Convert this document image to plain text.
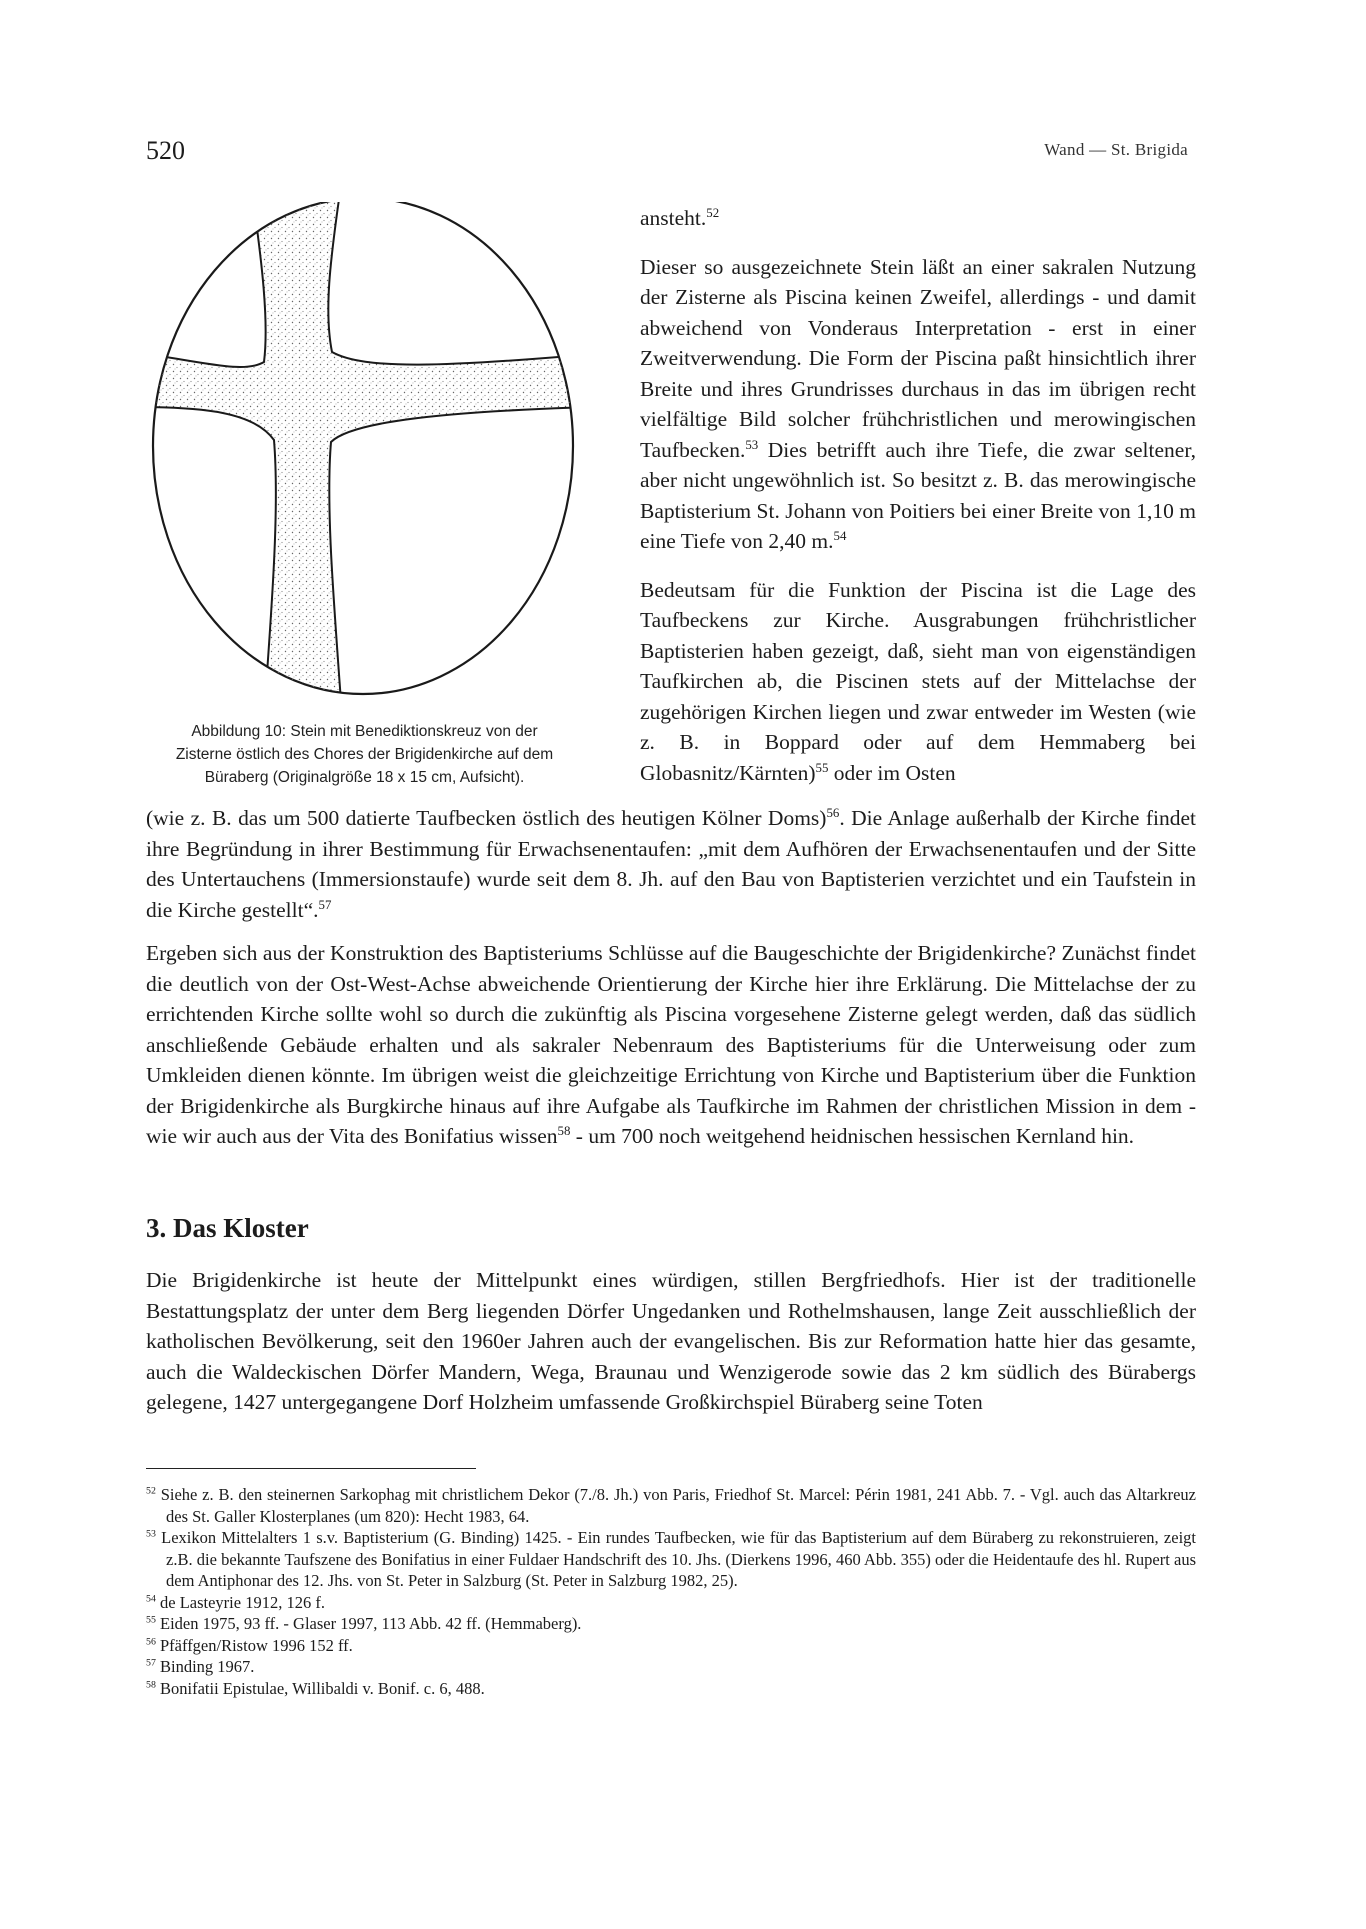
520	Wand — St. Brigida
Abbildung 10: Stein mit Benediktionskreuz von der
Zisterne östlich des Chores der Brigidenkirche auf dem
Büraberg (Originalgröße 18 x 15 cm, Aufsicht).

ansteht.$^{52}$

Dieser so ausgezeichnete Stein läßt an einer sakralen Nutzung der Zisterne als Piscina keinen Zweifel, allerdings - und damit abweichend von Vonderaus Interpretation - erst in einer Zweitverwendung. Die Form der Piscina paßt hinsichtlich ihrer Breite und ihres Grundrisses durchaus in das im übrigen recht vielfältige Bild solcher frühchristlichen und merowingischen Taufbecken.$^{53}$ Dies betrifft auch ihre Tiefe, die zwar seltener, aber nicht ungewöhnlich ist. So besitzt z. B. das merowingische Baptisterium St. Johann von Poitiers bei einer Breite von 1,10 m eine Tiefe von 2,40 m.$^{54}$

Bedeutsam für die Funktion der Piscina ist die Lage des Taufbeckens zur Kirche. Ausgrabungen frühchristlicher Baptisterien haben gezeigt, daß, sieht man von eigenständigen Taufkirchen ab, die Piscinen stets auf der Mittelachse der zugehörigen Kirchen liegen und zwar entweder im Westen (wie z. B. in Boppard oder auf dem Hemmaberg bei Globasnitz/Kärnten)$^{55}$ oder im Osten

(wie z. B. das um 500 datierte Taufbecken östlich des heutigen Kölner Doms)$^{56}$. Die Anlage außerhalb der Kirche findet ihre Begründung in ihrer Bestimmung für Erwachsenentaufen: „mit dem Aufhören der Erwachsenentaufen und der Sitte des Untertauchens (Immersionstaufe) wurde seit dem 8. Jh. auf den Bau von Baptisterien verzichtet und ein Taufstein in die Kirche gestellt“.$^{57}$

Ergeben sich aus der Konstruktion des Baptisteriums Schlüsse auf die Baugeschichte der Brigidenkirche? Zunächst findet die deutlich von der Ost-West-Achse abweichende Orientierung der Kirche hier ihre Erklärung. Die Mittelachse der zu errichtenden Kirche sollte wohl so durch die zukünftig als Piscina vorgesehene Zisterne gelegt werden, daß das südlich anschließende Gebäude erhalten und als sakraler Nebenraum des Baptisteriums für die Unterweisung oder zum Umkleiden dienen könnte. Im übrigen weist die gleichzeitige Errichtung von Kirche und Baptisterium über die Funktion der Brigidenkirche als Burgkirche hinaus auf ihre Aufgabe als Taufkirche im Rahmen der christlichen Mission in dem - wie wir auch aus der Vita des Bonifatius wissen$^{58}$ - um 700 noch weitgehend heidnischen hessischen Kernland hin.

3. Das Kloster

Die Brigidenkirche ist heute der Mittelpunkt eines würdigen, stillen Bergfriedhofs. Hier ist der traditionelle Bestattungsplatz der unter dem Berg liegenden Dörfer Ungedanken und Rothelmshausen, lange Zeit ausschließlich der katholischen Bevölkerung, seit den 1960er Jahren auch der evangelischen. Bis zur Reformation hatte hier das gesamte, auch die Waldeckischen Dörfer Mandern, Wega, Braunau und Wenzigerode sowie das 2 km südlich des Bürabergs gelegene, 1427 untergegangene Dorf Holzheim umfassende Großkirchspiel Büraberg seine Toten

$^{52}$ Siehe z. B. den steinernen Sarkophag mit christlichem Dekor (7./8. Jh.) von Paris, Friedhof St. Marcel: Périn 1981, 241 Abb. 7. - Vgl. auch das Altarkreuz des St. Galler Klosterplanes (um 820): Hecht 1983, 64.

$^{53}$ Lexikon Mittelalters 1 s.v. Baptisterium (G. Binding) 1425. - Ein rundes Taufbecken, wie für das Baptisterium auf dem Büraberg zu rekonstruieren, zeigt z.B. die bekannte Taufszene des Bonifatius in einer Fuldaer Handschrift des 10. Jhs. (Dierkens 1996, 460 Abb. 355) oder die Heidentaufe des hl. Rupert aus dem Antiphonar des 12. Jhs. von St. Peter in Salzburg (St. Peter in Salzburg 1982, 25).

$^{54}$ de Lasteyrie 1912, 126 f.

$^{55}$ Eiden 1975, 93 ff. - Glaser 1997, 113 Abb. 42 ff. (Hemmaberg).

$^{56}$ Pfäffgen/Ristow 1996 152 ff.

$^{57}$ Binding 1967.

$^{58}$ Bonifatii Epistulae, Willibaldi v. Bonif. c. 6, 488.
